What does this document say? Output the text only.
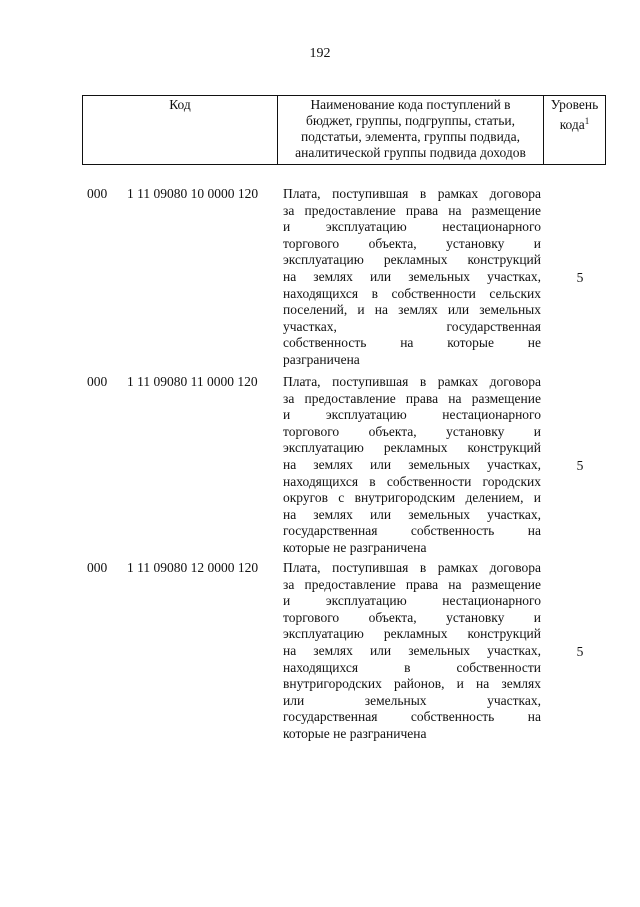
192
Код	Наименование кода поступлений в
бюджет, группы, подгруппы, статьи,
подстатьи, элемента, группы подвида,
аналитической группы подвида доходов
Уровень
кода$^1$
000 1 11 09080 10 0000 120 Плата, поступившая в рамках договора
за предоставление права на размещение
и эксплуатацию нестационарного
торгового объекта, установку и
эксплуатацию рекламных конструкций
на землях или земельных участках,
находящихся в собственности сельских
поселений, и на землях или земельных
участках, государственная
собственность на которые не
разграничена
5
000 1 11 09080 11 0000 120 Плата, поступившая в рамках договора
за предоставление права на размещение
и эксплуатацию нестационарного
торгового объекта, установку и
эксплуатацию рекламных конструкций
на землях или земельных участках,
находящихся в собственности городских
округов с внутригородским делением, и
на землях или земельных участках,
государственная собственность на
которые не разграничена
5
000 1 11 09080 12 0000 120 Плата, поступившая в рамках договора
за предоставление права на размещение
и эксплуатацию нестационарного
торгового объекта, установку и
эксплуатацию рекламных конструкций
на землях или земельных участках,
находящихся в собственности
внутригородских районов, и на землях
или земельных участках,
государственная собственность на
которые не разграничена
5
